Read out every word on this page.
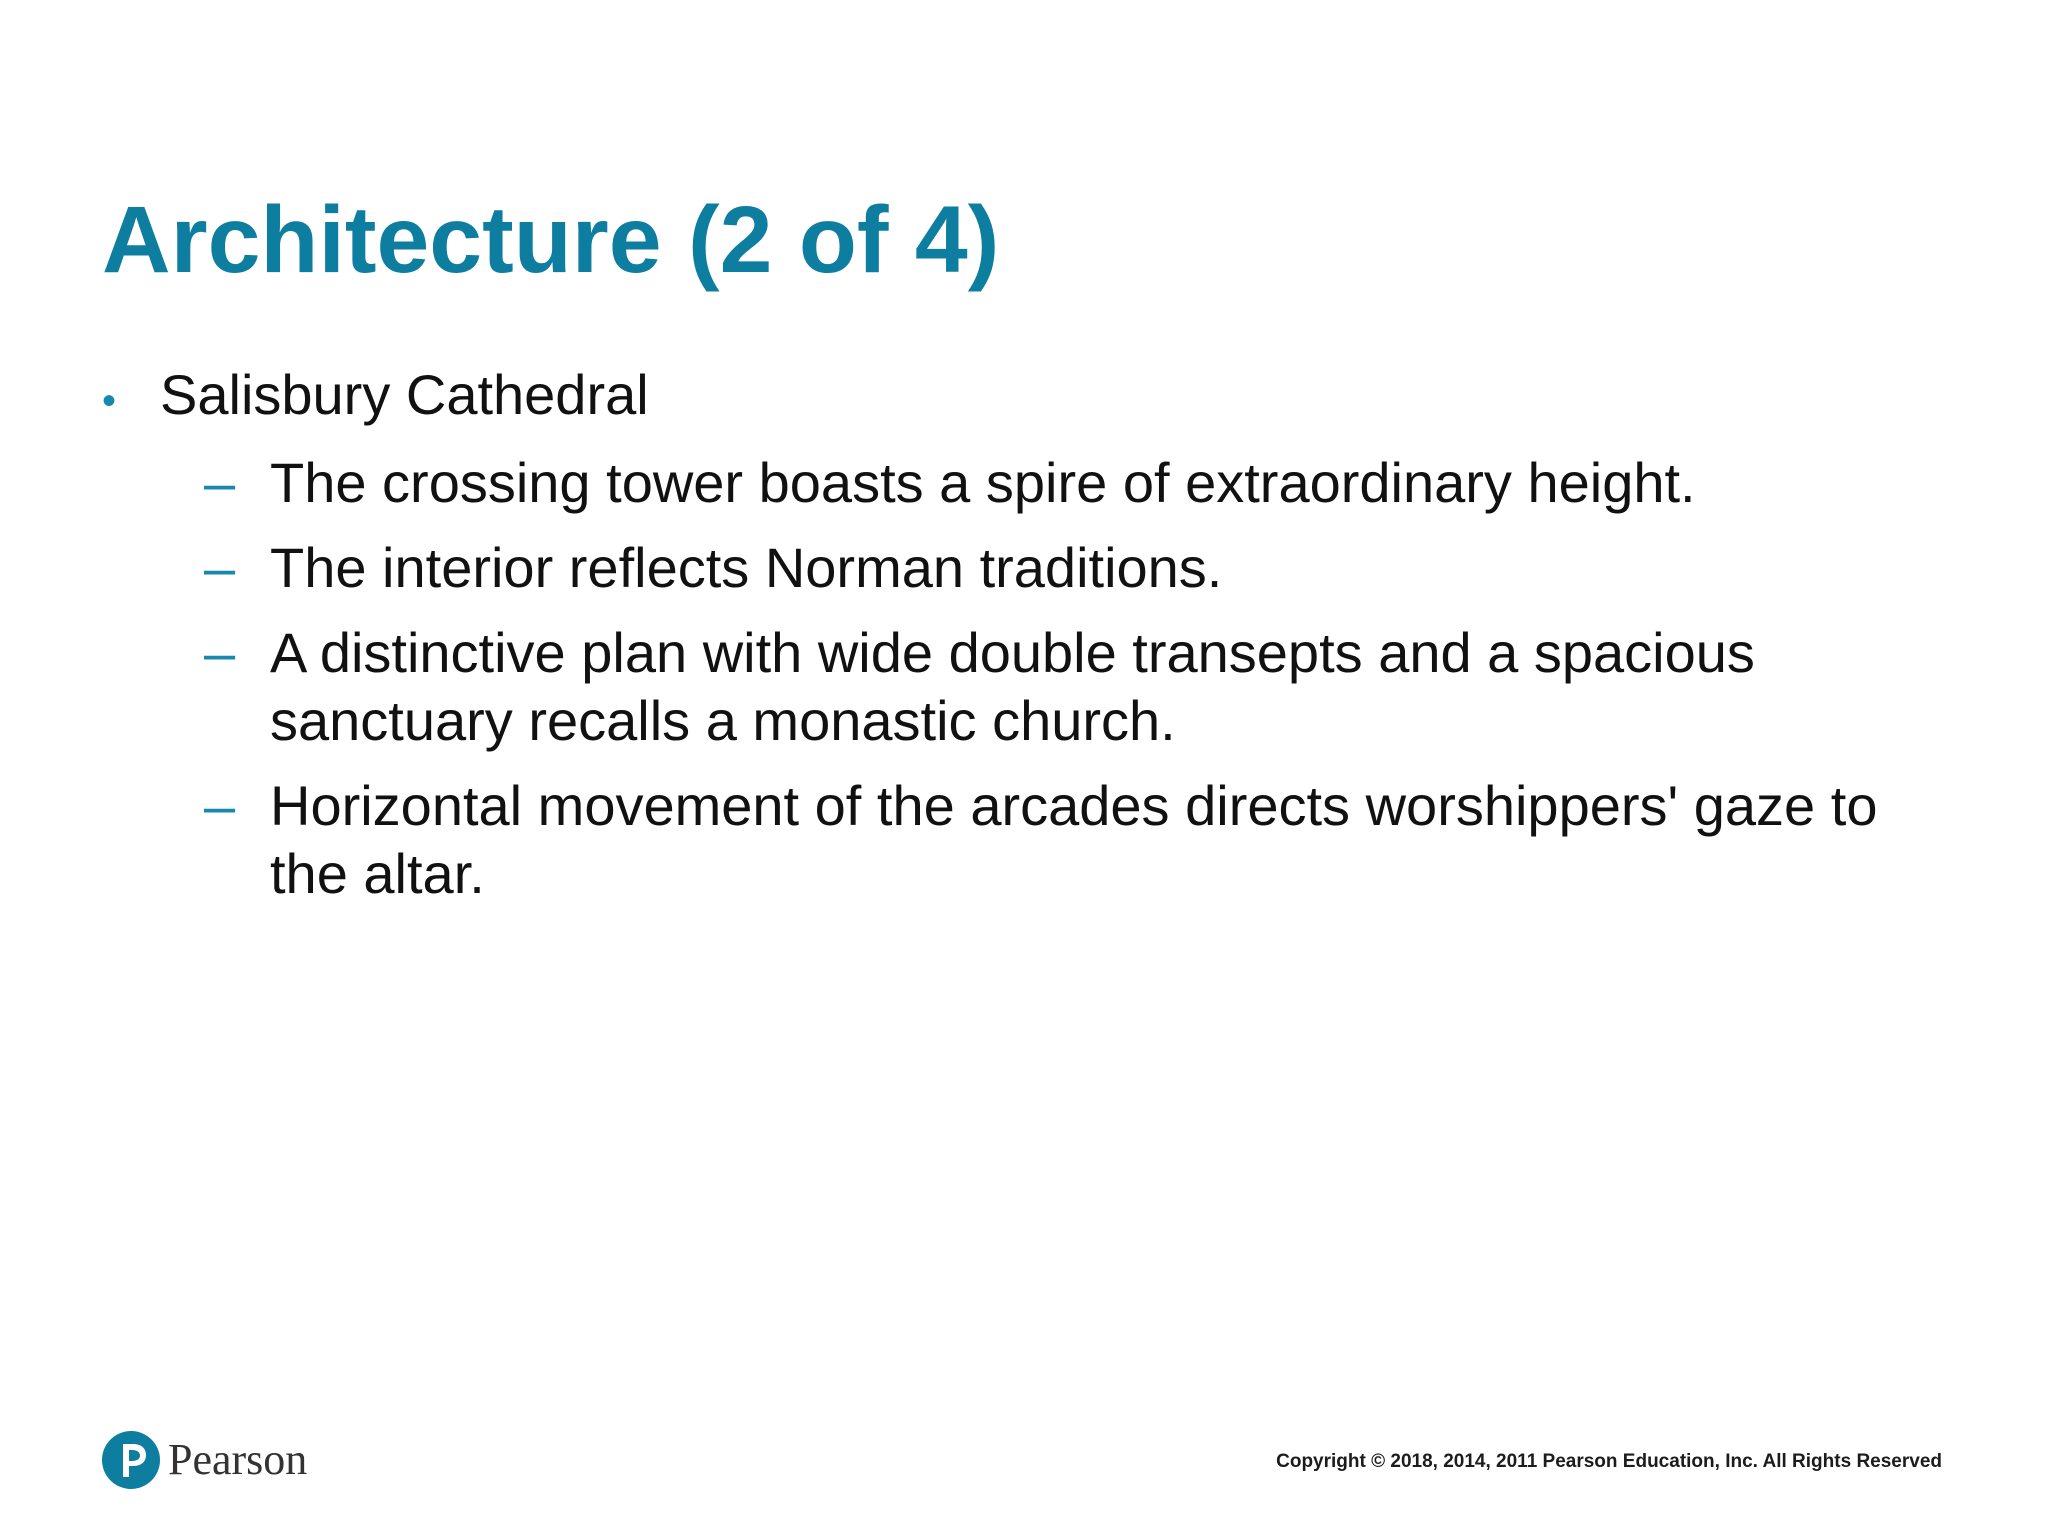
Architecture (2 of 4)
• Salisbury Cathedral
– The crossing tower boasts a spire of extraordinary height.
– The interior reflects Norman traditions.
– A distinctive plan with wide double transepts and a spacious sanctuary recalls a monastic church.
– Horizontal movement of the arcades directs worshippers' gaze to the altar.
Pearson	Copyright © 2018, 2014, 2011 Pearson Education, Inc. All Rights Reserved
